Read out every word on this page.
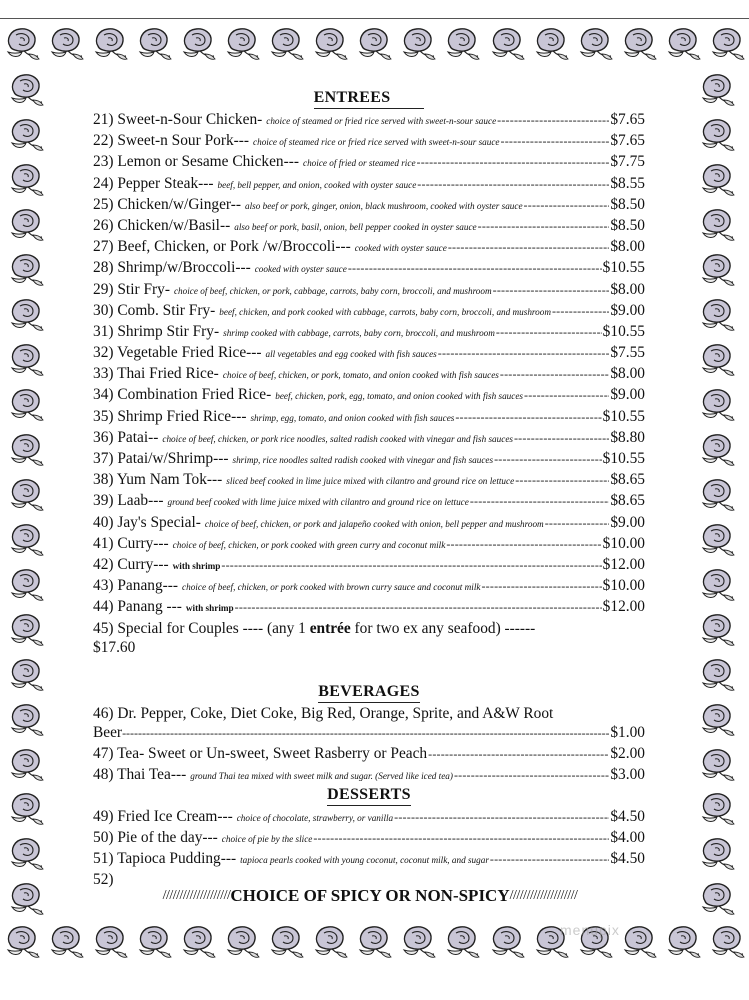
ENTREES
21) Sweet-n-Sour Chicken- choice of steamed or fried rice served with sweet-n-sour sauce -----	$7.65
22) Sweet-n Sour Pork--- choice of steamed rice or fried rice served with sweet-n-sour sauce -----	$7.65
23) Lemon or Sesame Chicken--- choice of fried or steamed rice -----	$7.75
24) Pepper Steak--- beef, bell pepper, and onion, cooked with oyster sauce -----	$8.55
25) Chicken/w/Ginger-- also beef or pork, ginger, onion, black mushroom, cooked with oyster sauce -----	$8.50
26) Chicken/w/Basil-- also beef or pork, basil, onion, bell pepper cooked in oyster sauce -----	$8.50
27) Beef, Chicken, or Pork /w/Broccoli--- cooked with oyster sauce -----	$8.00
28) Shrimp/w/Broccoli--- cooked with oyster sauce -----	$10.55
29) Stir Fry- choice of beef, chicken, or pork, cabbage, carrots, baby corn, broccoli, and mushroom -----	$8.00
30) Comb. Stir Fry- beef, chicken, and pork cooked with cabbage, carrots, baby corn, broccoli, and mushroom -----	$9.00
31) Shrimp Stir Fry- shrimp cooked with cabbage, carrots, baby corn, broccoli, and mushroom -----	$10.55
32) Vegetable Fried Rice--- all vegetables and egg cooked with fish sauces -----	$7.55
33) Thai Fried Rice- choice of beef, chicken, or pork, tomato, and onion cooked with fish sauces -----	$8.00
34) Combination Fried Rice- beef, chicken, pork, egg, tomato, and onion cooked with fish sauces -----	$9.00
35) Shrimp Fried Rice--- shrimp, egg, tomato, and onion cooked with fish sauces -----	$10.55
36) Patai-- choice of beef, chicken, or pork rice noodles, salted radish cooked with vinegar and fish sauces -----	$8.80
37) Patai/w/Shrimp--- shrimp, rice noodles salted radish cooked with vinegar and fish sauces -----	$10.55
38) Yum Nam Tok--- sliced beef cooked in lime juice mixed with cilantro and ground rice on lettuce -----	$8.65
39) Laab--- ground beef cooked with lime juice mixed with cilantro and ground rice on lettuce -----	$8.65
40) Jay's Special- choice of beef, chicken, or pork and jalapeño cooked with onion, bell pepper and mushroom -----	$9.00
41) Curry--- choice of beef, chicken, or pork cooked with green curry and coconut milk -----	$10.00
42) Curry--- with shrimp -----	$12.00
43) Panang--- choice of beef, chicken, or pork cooked with brown curry sauce and coconut milk -----	$10.00
44) Panang --- with shrimp -----	$12.00
45) Special for Couples ---- (any 1 entrée for two ex any seafood) ------
$17.60
BEVERAGES
46) Dr. Pepper, Coke, Diet Coke, Big Red, Orange, Sprite, and A&W Root
Beer -----	$1.00
47) Tea- Sweet or Un-sweet, Sweet Rasberry or Peach -----	$2.00
48) Thai Tea--- ground Thai tea mixed with sweet milk and sugar. (Served like iced tea) -----	$3.00
DESSERTS
49) Fried Ice Cream--- choice of chocolate, strawberry, or vanilla -----	$4.50
50) Pie of the day--- choice of pie by the slice -----	$4.00
51) Tapioca Pudding--- tapioca pearls cooked with young coconut, coconut milk, and sugar -----	$4.50
52)
//////////////////// CHOICE OF SPICY OR NON-SPICY ////////////////////
menupix
